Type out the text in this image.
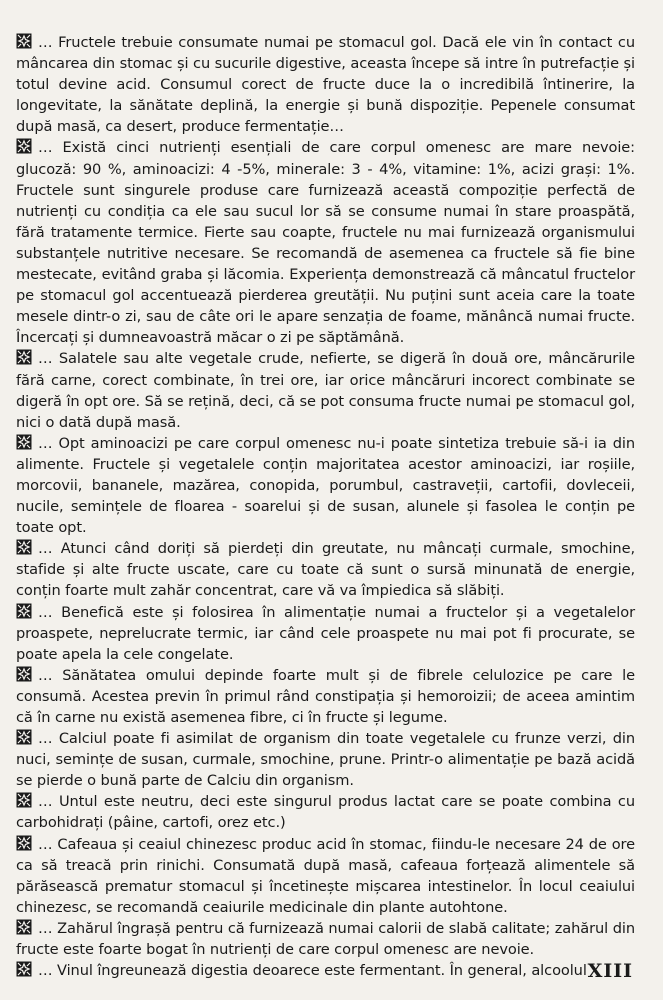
… Fructele trebuie consumate numai pe stomacul gol. Dacă ele vin în contact cu mâncarea din stomac și cu sucurile digestive, aceasta începe să intre în putrefacție și totul devine acid. Consumul corect de fructe duce la o incredibilă întinerire, la longevitate, la sănătate deplină, la energie și bună dispoziție. Pepenele consumat după masă, ca desert, produce fermentație…

… Există cinci nutrienți esențiali de care corpul omenesc are mare nevoie: glucoză: 90 %, aminoacizi: 4 -5%, minerale: 3 - 4%, vitamine: 1%, acizi grași: 1%. Fructele sunt singurele produse care furnizează această compoziție perfectă de nutrienți cu condiția ca ele sau sucul lor să se consume numai în stare proaspătă, fără tratamente termice. Fierte sau coapte, fructele nu mai furnizează organismului substanțele nutritive necesare. Se recomandă de asemenea ca fructele să fie bine mestecate, evitând graba și lăcomia. Experiența demonstrează că mâncatul fructelor pe stomacul gol accentuează pierderea greutății. Nu puțini sunt aceia care la toate mesele dintr-o zi, sau de câte ori le apare senzația de foame, mănâncă numai fructe. Încercați și dumneavoastră măcar o zi pe săptămână.

… Salatele sau alte vegetale crude, nefierte, se digeră în două ore, mâncărurile fără carne, corect combinate, în trei ore, iar orice mâncăruri incorect combinate se digeră în opt ore. Să se rețină, deci, că se pot consuma fructe numai pe stomacul gol, nici o dată după masă.

… Opt aminoacizi pe care corpul omenesc nu-i poate sintetiza trebuie să-i ia din alimente. Fructele și vegetalele conțin majoritatea acestor aminoacizi, iar roșiile, morcovii, bananele, mazărea, conopida, porumbul, castraveții, cartofii, dovleceii, nucile, semințele de floarea - soarelui și de susan, alunele și fasolea le conțin pe toate opt.

… Atunci când doriți să pierdeți din greutate, nu mâncați curmale, smochine, stafide și alte fructe uscate, care cu toate că sunt o sursă minunată de energie, conțin foarte mult zahăr concentrat, care vă va împiedica să slăbiți.

… Benefică este și folosirea în alimentație numai a fructelor și a vegetalelor proaspete, neprelucrate termic, iar când cele proaspete nu mai pot fi procurate, se poate apela la cele congelate.

… Sănătatea omului depinde foarte mult și de fibrele celulozice pe care le consumă. Acestea previn în primul rând constipația și hemoroizii; de aceea amintim că în carne nu există asemenea fibre, ci în fructe și legume.

… Calciul poate fi asimilat de organism din toate vegetalele cu frunze verzi, din nuci, semințe de susan, curmale, smochine, prune. Printr-o alimentație pe bază acidă se pierde o bună parte de Calciu din organism.

… Untul este neutru, deci este singurul produs lactat care se poate combina cu carbohidrați (pâine, cartofi, orez etc.)

… Cafeaua și ceaiul chinezesc produc acid în stomac, fiindu-le necesare 24 de ore ca să treacă prin rinichi. Consumată după masă, cafeaua forțează alimentele să părăsească prematur stomacul și încetinește mișcarea intestinelor. În locul ceaiului chinezesc, se recomandă ceaiurile medicinale din plante autohtone.

… Zahărul îngrașă pentru că furnizează numai calorii de slabă calitate; zahărul din fructe este foarte bogat în nutrienți de care corpul omenesc are nevoie.

… Vinul îngreunează digestia deoarece este fermentant. În general, alcoolul XIII
